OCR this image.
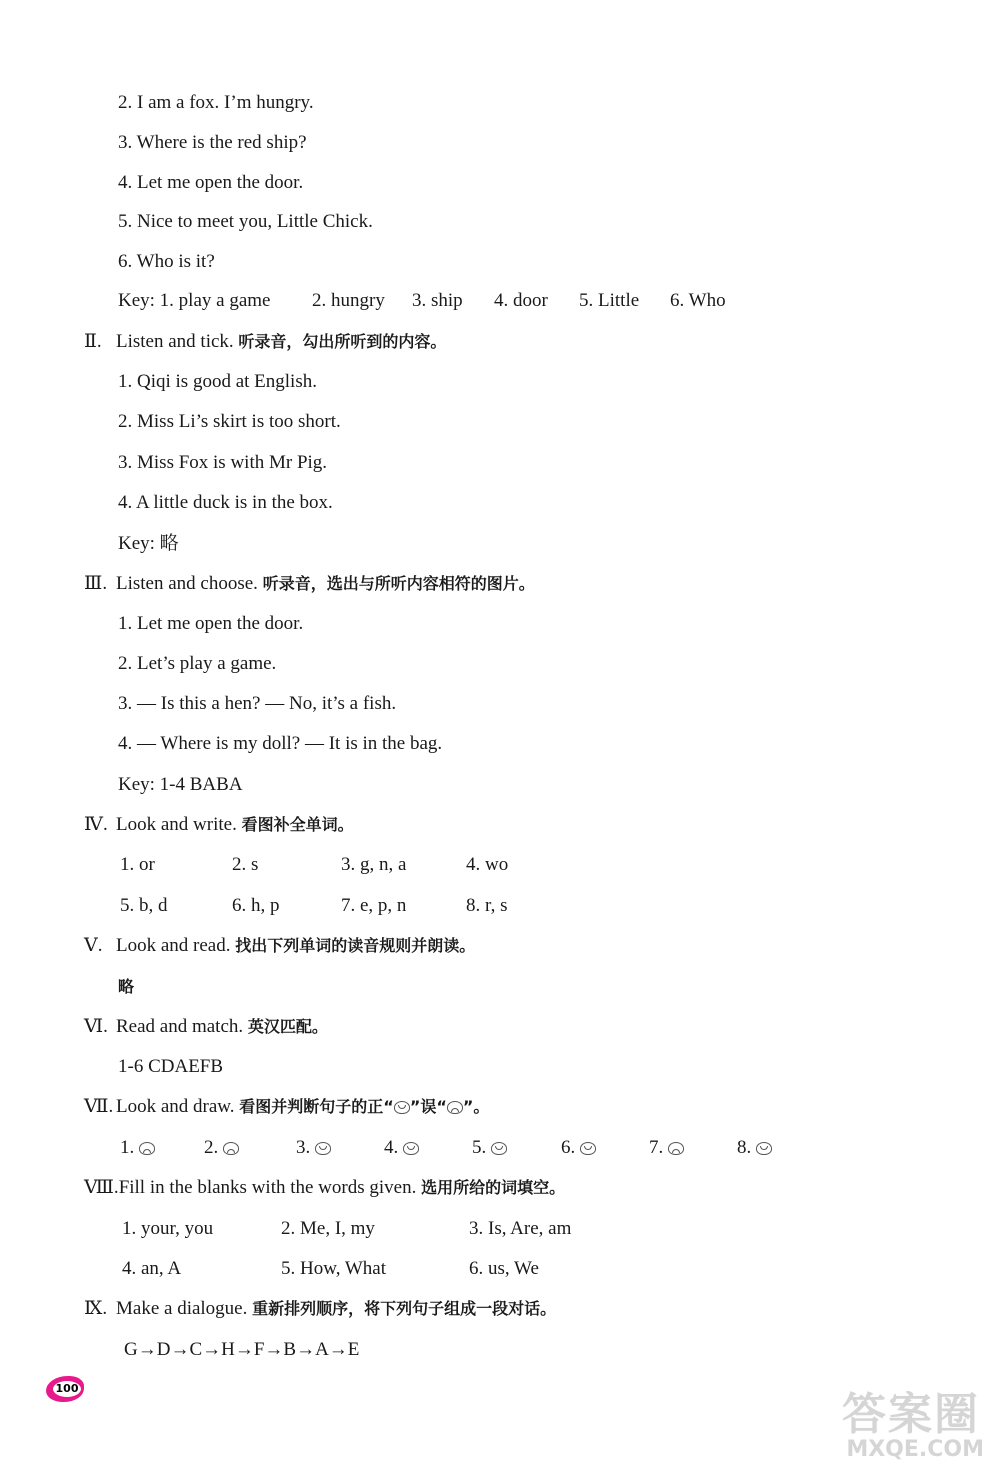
2. I am a fox. I’m hungry.
3. Where is the red ship?
4. Let me open the door.
5. Nice to meet you, Little Chick.
6. Who is it?
Key: 1. play a game 2. hungry 3. ship 4. door 5. Little 6. Who
Ⅱ. Listen and tick. 听录音，勾出所听到的内容。
1. Qiqi is good at English.
2. Miss Li’s skirt is too short.
3. Miss Fox is with Mr Pig.
4. A little duck is in the box.
Key: 略
Ⅲ. Listen and choose. 听录音，选出与所听内容相符的图片。
1. Let me open the door.
2. Let’s play a game.
3. — Is this a hen? — No, it’s a fish.
4. — Where is my doll? — It is in the bag.
Key: 1-4 BABA
Ⅳ. Look and write. 看图补全单词。
1. or	2. s	3. g, n, a	4. wo
5. b, d	6. h, p	7. e, p, n	8. r, s
Ⅴ. Look and read. 找出下列单词的读音规则并朗读。
略
Ⅵ. Read and match. 英汉匹配。
1-6 CDAEFB
Ⅶ. Look and draw. 看图并判断句子的正“ ”误“ ”。
1.	2.	3.	4.	5.	6.	7.	8.
Ⅷ.Fill in the blanks with the words given. 选用所给的词填空。
1. your, you	2. Me, I, my	3. Is, Are, am
4. an, A	5. How, What	6. us, We
Ⅸ. Make a dialogue. 重新排列顺序，将下列句子组成一段对话。
G→D→C→H→F→B→A→E
100
答案圈
MXQE.COM
